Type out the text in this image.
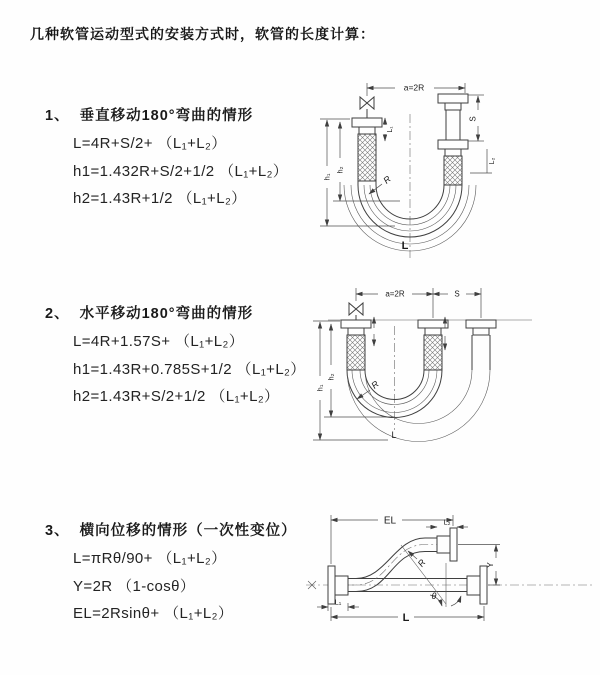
几种软管运动型式的安装方式时，软管的长度计算：
1、 垂直移动180°弯曲的情形
L=4R+S/2+ （L₁+L₂）
h1=1.432R+S/2+1/2 （L₁+L₂）
h2=1.43R+1/2 （L₁+L₂）
2、 水平移动180°弯曲的情形
L=4R+1.57S+ （L₁+L₂）
h1=1.43R+0.785S+1/2 （L₁+L₂）
h2=1.43R+S/2+1/2 （L₁+L₂）
3、 横向位移的情形（一次性变位）
L=πRθ/90+ （L₁+L₂）
Y=2R （1-cosθ）
EL=2Rsinθ+ （L₁+L₂）
a=2R
h₁
h₂
L₁
S
L₂
R
L
a=2R	S
h₁
h₂
R
L
EL	L₂
Y
θ
R
L₁
L
